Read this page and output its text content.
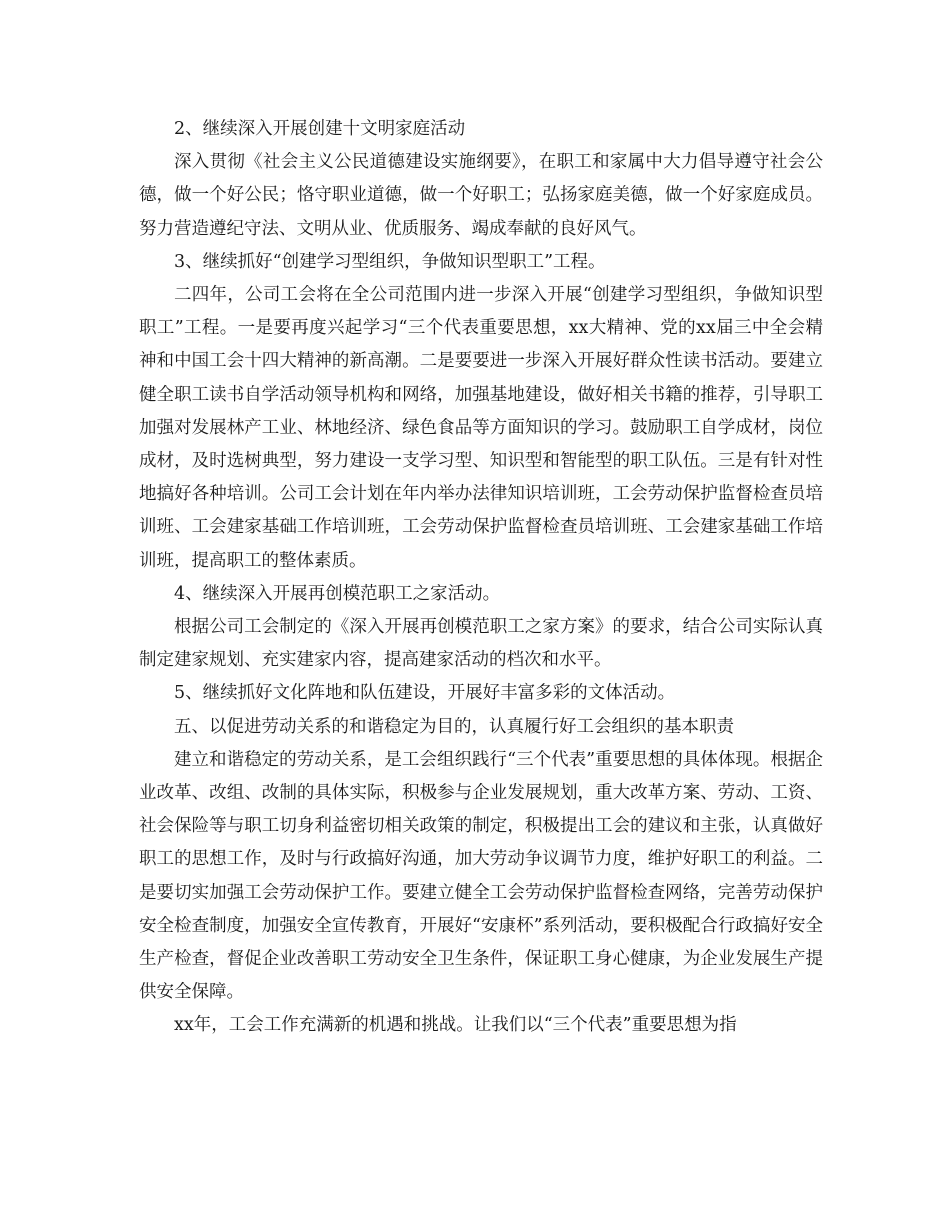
2、继续深入开展创建十文明家庭活动

深入贯彻《社会主义公民道德建设实施纲要》，在职工和家属中大力倡导遵守社会公德，做一个好公民；恪守职业道德，做一个好职工；弘扬家庭美德，做一个好家庭成员。努力营造遵纪守法、文明从业、优质服务、竭成奉献的良好风气。

3、继续抓好“创建学习型组织，争做知识型职工”工程。

二四年，公司工会将在全公司范围内进一步深入开展“创建学习型组织，争做知识型职工”工程。一是要再度兴起学习“三个代表重要思想，xx大精神、党的xx届三中全会精神和中国工会十四大精神的新高潮。二是要要进一步深入开展好群众性读书活动。要建立健全职工读书自学活动领导机构和网络，加强基地建设，做好相关书籍的推荐，引导职工加强对发展林产工业、林地经济、绿色食品等方面知识的学习。鼓励职工自学成材，岗位成材，及时选树典型，努力建设一支学习型、知识型和智能型的职工队伍。三是有针对性地搞好各种培训。公司工会计划在年内举办法律知识培训班，工会劳动保护监督检查员培训班、工会建家基础工作培训班，工会劳动保护监督检查员培训班、工会建家基础工作培训班，提高职工的整体素质。

4、继续深入开展再创模范职工之家活动。

根据公司工会制定的《深入开展再创模范职工之家方案》的要求，结合公司实际认真制定建家规划、充实建家内容，提高建家活动的档次和水平。

5、继续抓好文化阵地和队伍建设，开展好丰富多彩的文体活动。

五、以促进劳动关系的和谐稳定为目的，认真履行好工会组织的基本职责

建立和谐稳定的劳动关系，是工会组织践行“三个代表”重要思想的具体体现。根据企业改革、改组、改制的具体实际，积极参与企业发展规划，重大改革方案、劳动、工资、社会保险等与职工切身利益密切相关政策的制定，积极提出工会的建议和主张，认真做好职工的思想工作，及时与行政搞好沟通，加大劳动争议调节力度，维护好职工的利益。二是要切实加强工会劳动保护工作。要建立健全工会劳动保护监督检查网络，完善劳动保护安全检查制度，加强安全宣传教育，开展好“安康杯”系列活动，要积极配合行政搞好安全生产检查，督促企业改善职工劳动安全卫生条件，保证职工身心健康，为企业发展生产提供安全保障。

xx年，工会工作充满新的机遇和挑战。让我们以“三个代表”重要思想为指
